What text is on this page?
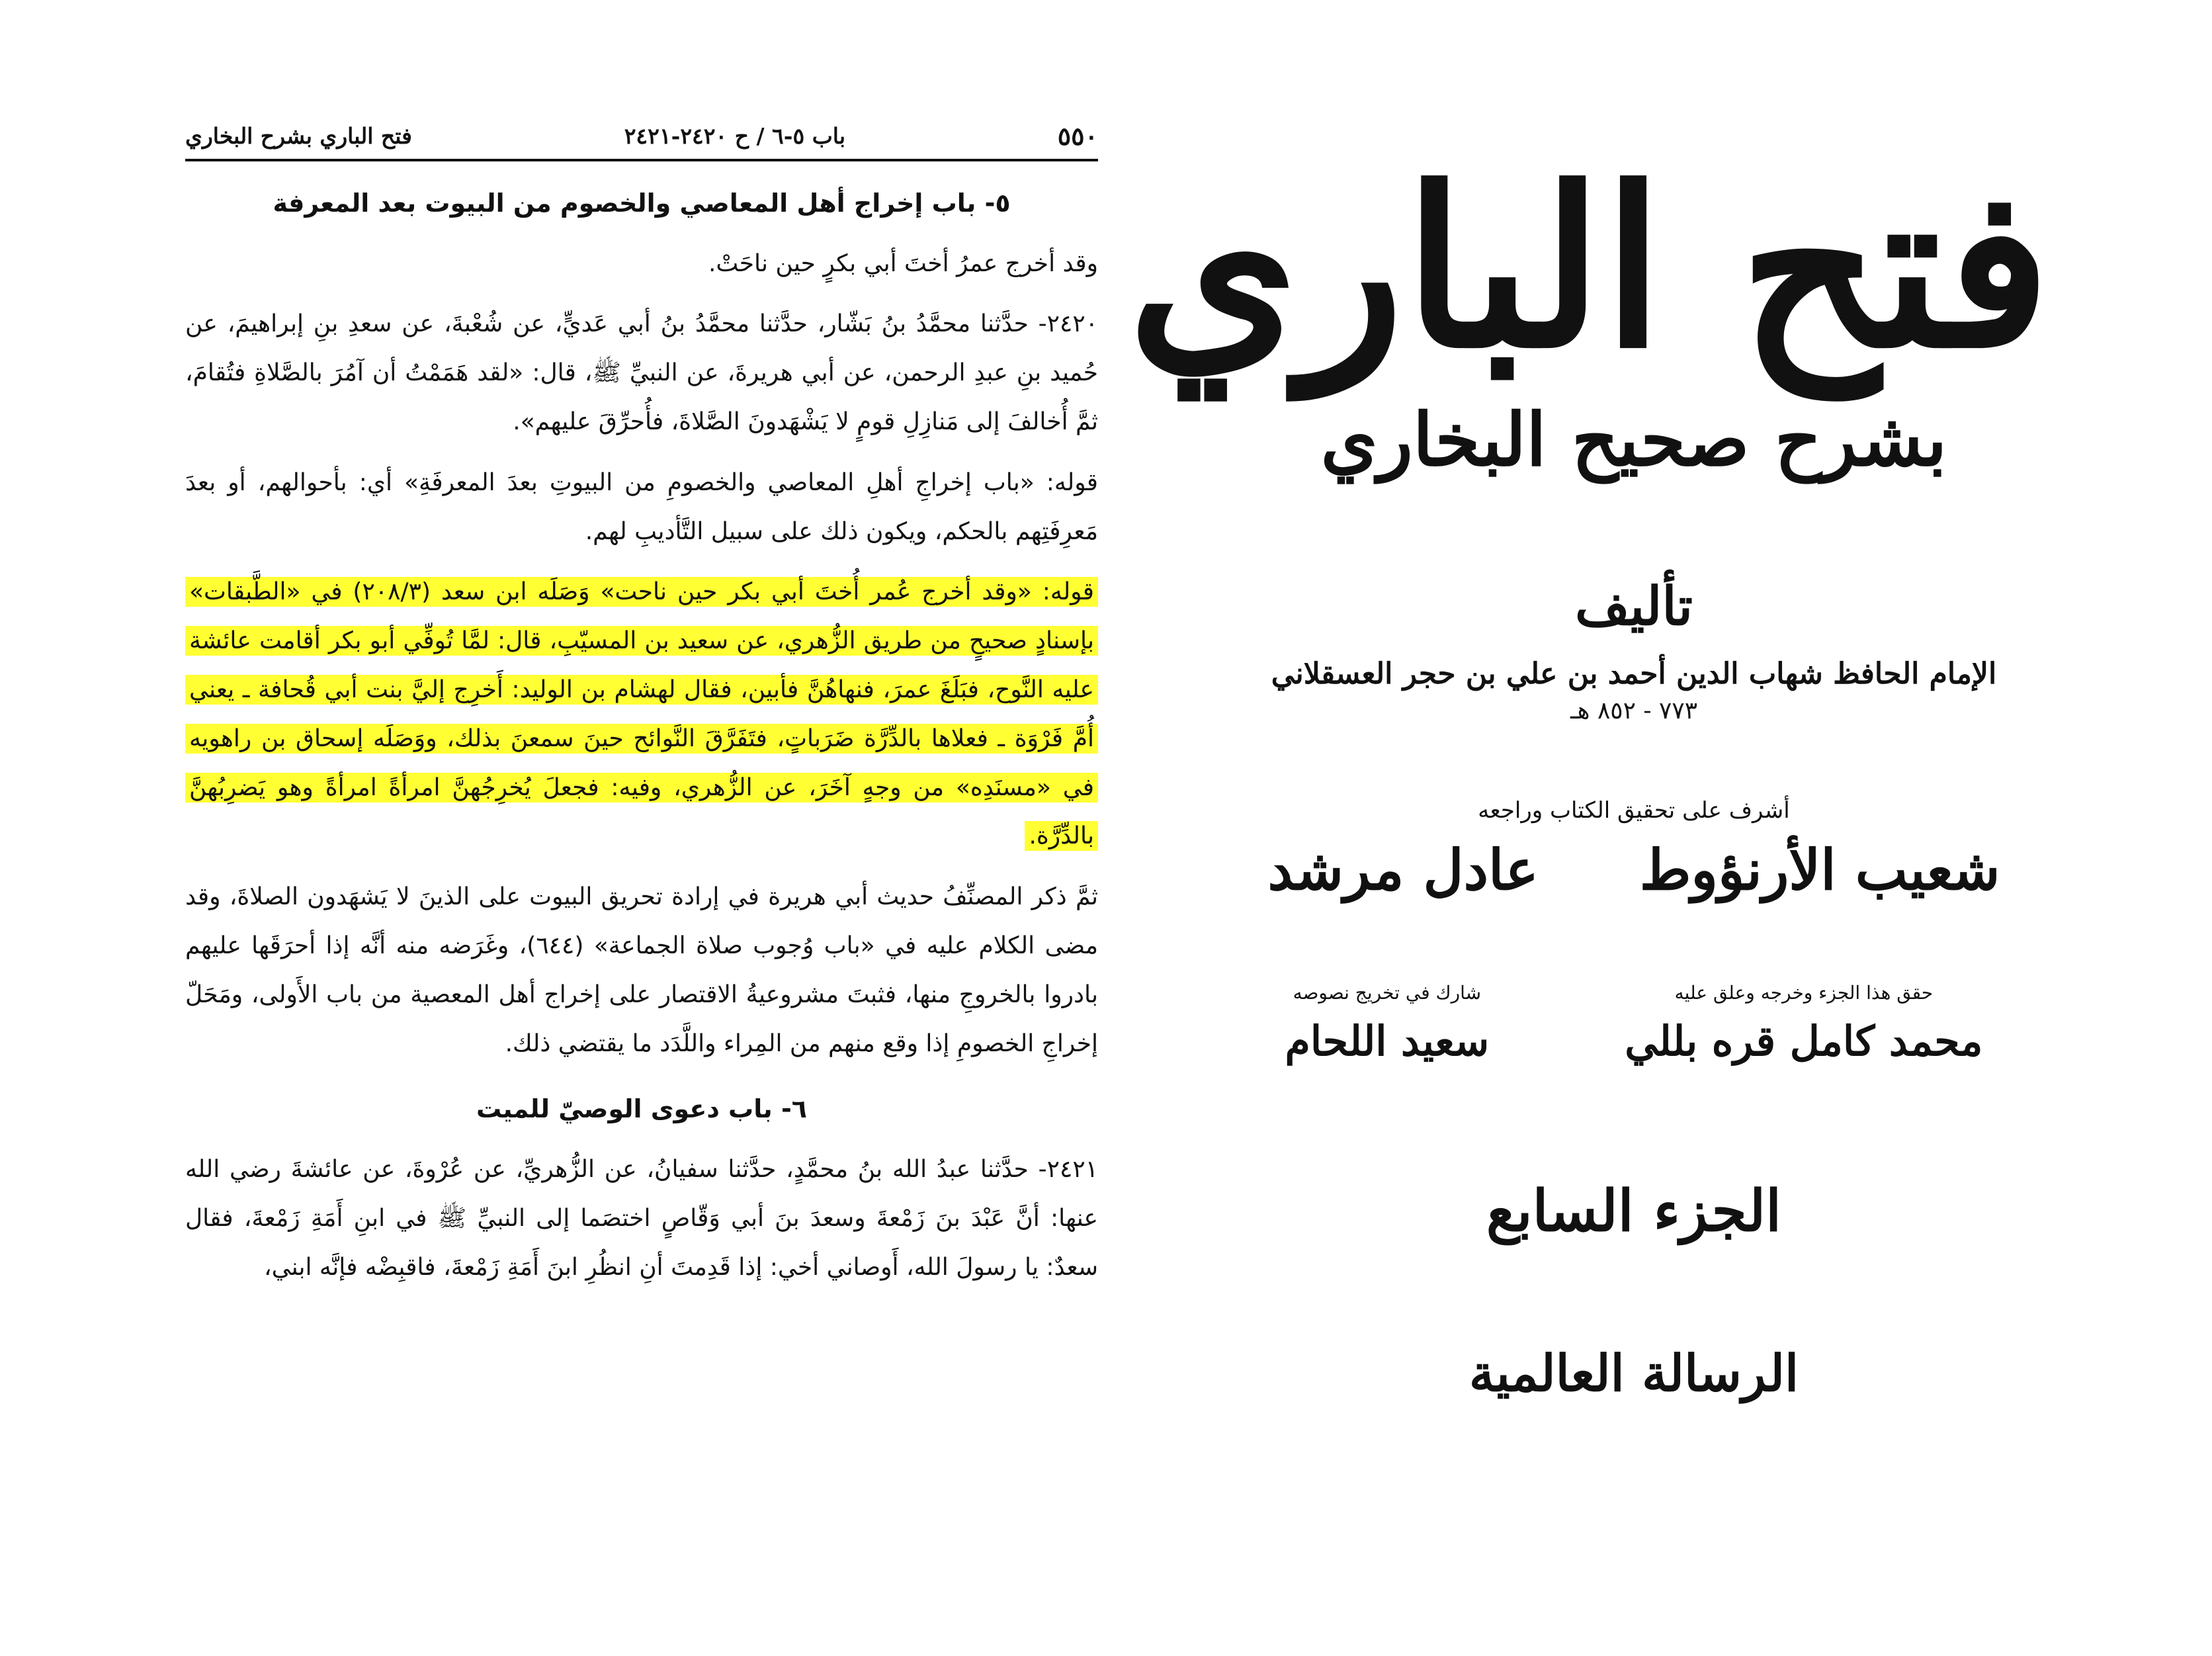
٥٥٠
باب ٥-٦ / ح ٢٤٢٠-٢٤٢١
فتح الباري بشرح البخاري
٥- باب إخراج أهل المعاصي والخصوم من البيوت بعد المعرفة
وقد أخرج عمرُ أختَ أبي بكرٍ حين ناحَتْ.
٢٤٢٠- حدَّثنا محمَّدُ بنُ بَشّار، حدَّثنا محمَّدُ بنُ أبي عَديٍّ، عن شُعْبةَ، عن سعدِ بنِ إبراهيمَ، عن حُميد بنِ عبدِ الرحمن، عن أبي هريرةَ، عن النبيِّ ﷺ، قال: «لقد هَمَمْتُ أن آمُرَ بالصَّلاةِ فتُقامَ، ثمَّ أُخالفَ إلى مَنازِلِ قومٍ لا يَشْهَدونَ الصَّلاةَ، فأُحرِّقَ عليهم».
قوله: «باب إخراجِ أهلِ المعاصي والخصومِ من البيوتِ بعدَ المعرفَةِ» أي: بأحوالهم، أو بعدَ مَعرِفَتِهم بالحكم، ويكون ذلك على سبيل التَّأديبِ لهم.
قوله: «وقد أخرج عُمر أُختَ أبي بكر حين ناحت» وَصَلَه ابن سعد (٢٠٨/٣) في «الطَّبقات» بإسنادٍ صحيحٍ من طريق الزُّهري، عن سعيد بن المسيّبِ، قال: لمَّا تُوفِّي أبو بكر أقامت عائشة عليه النَّوح، فبَلَغَ عمرَ، فنهاهُنَّ فأبين، فقال لهشام بن الوليد: أَخرِج إليَّ بنت أبي قُحافة ـ يعني أُمَّ فَرْوَة ـ فعلاها بالدِّرَّة ضَرَباتٍ، فتَفَرَّقَ النَّوائح حينَ سمعنَ بذلك، ووَصَلَه إسحاق بن راهويه في «مسنَدِه» من وجهٍ آخَرَ، عن الزُّهري، وفيه: فجعلَ يُخرِجُهنَّ امرأةً امرأةً وهو يَضرِبُهنَّ بالدِّرَّة.
ثمَّ ذكر المصنِّفُ حديث أبي هريرة في إرادة تحريق البيوت على الذينَ لا يَشهَدون الصلاةَ، وقد مضى الكلام عليه في «باب وُجوب صلاة الجماعة» (٦٤٤)، وغَرَضه منه أنَّه إذا أحرَقَها عليهم بادروا بالخروجِ منها، فثبتَ مشروعيةُ الاقتصار على إخراج أهل المعصية من باب الأَولى، ومَحَلّ إخراجِ الخصومِ إذا وقع منهم من المِراء واللَّدَد ما يقتضي ذلك.
٦- باب دعوى الوصيّ للميت
٢٤٢١- حدَّثنا عبدُ الله بنُ محمَّدٍ، حدَّثنا سفيانُ، عن الزُّهريِّ، عن عُرْوةَ، عن عائشةَ رضي الله عنها: أنَّ عَبْدَ بنَ زَمْعةَ وسعدَ بنَ أبي وَقّاصٍ اختصَما إلى النبيِّ ﷺ في ابنِ أَمَةِ زَمْعةَ، فقال سعدٌ: يا رسولَ الله، أَوصاني أخي: إذا قَدِمتَ أنِ انظُرِ ابنَ أَمَةِ زَمْعةَ، فاقبِضْه فإنَّه ابني،
فتح الباري
بشرح صحيح البخاري
تأليف
الإمام الحافظ شهاب الدين أحمد بن علي بن حجر العسقلاني
٧٧٣ - ٨٥٢ هـ
أشرف على تحقيق الكتاب وراجعه
شعيب الأرنؤوط
عادل مرشد
حقق هذا الجزء وخرجه وعلق عليه
محمد كامل قره بللي
شارك في تخريج نصوصه
سعيد اللحام
الجزء السابع
الرسالة العالمية
